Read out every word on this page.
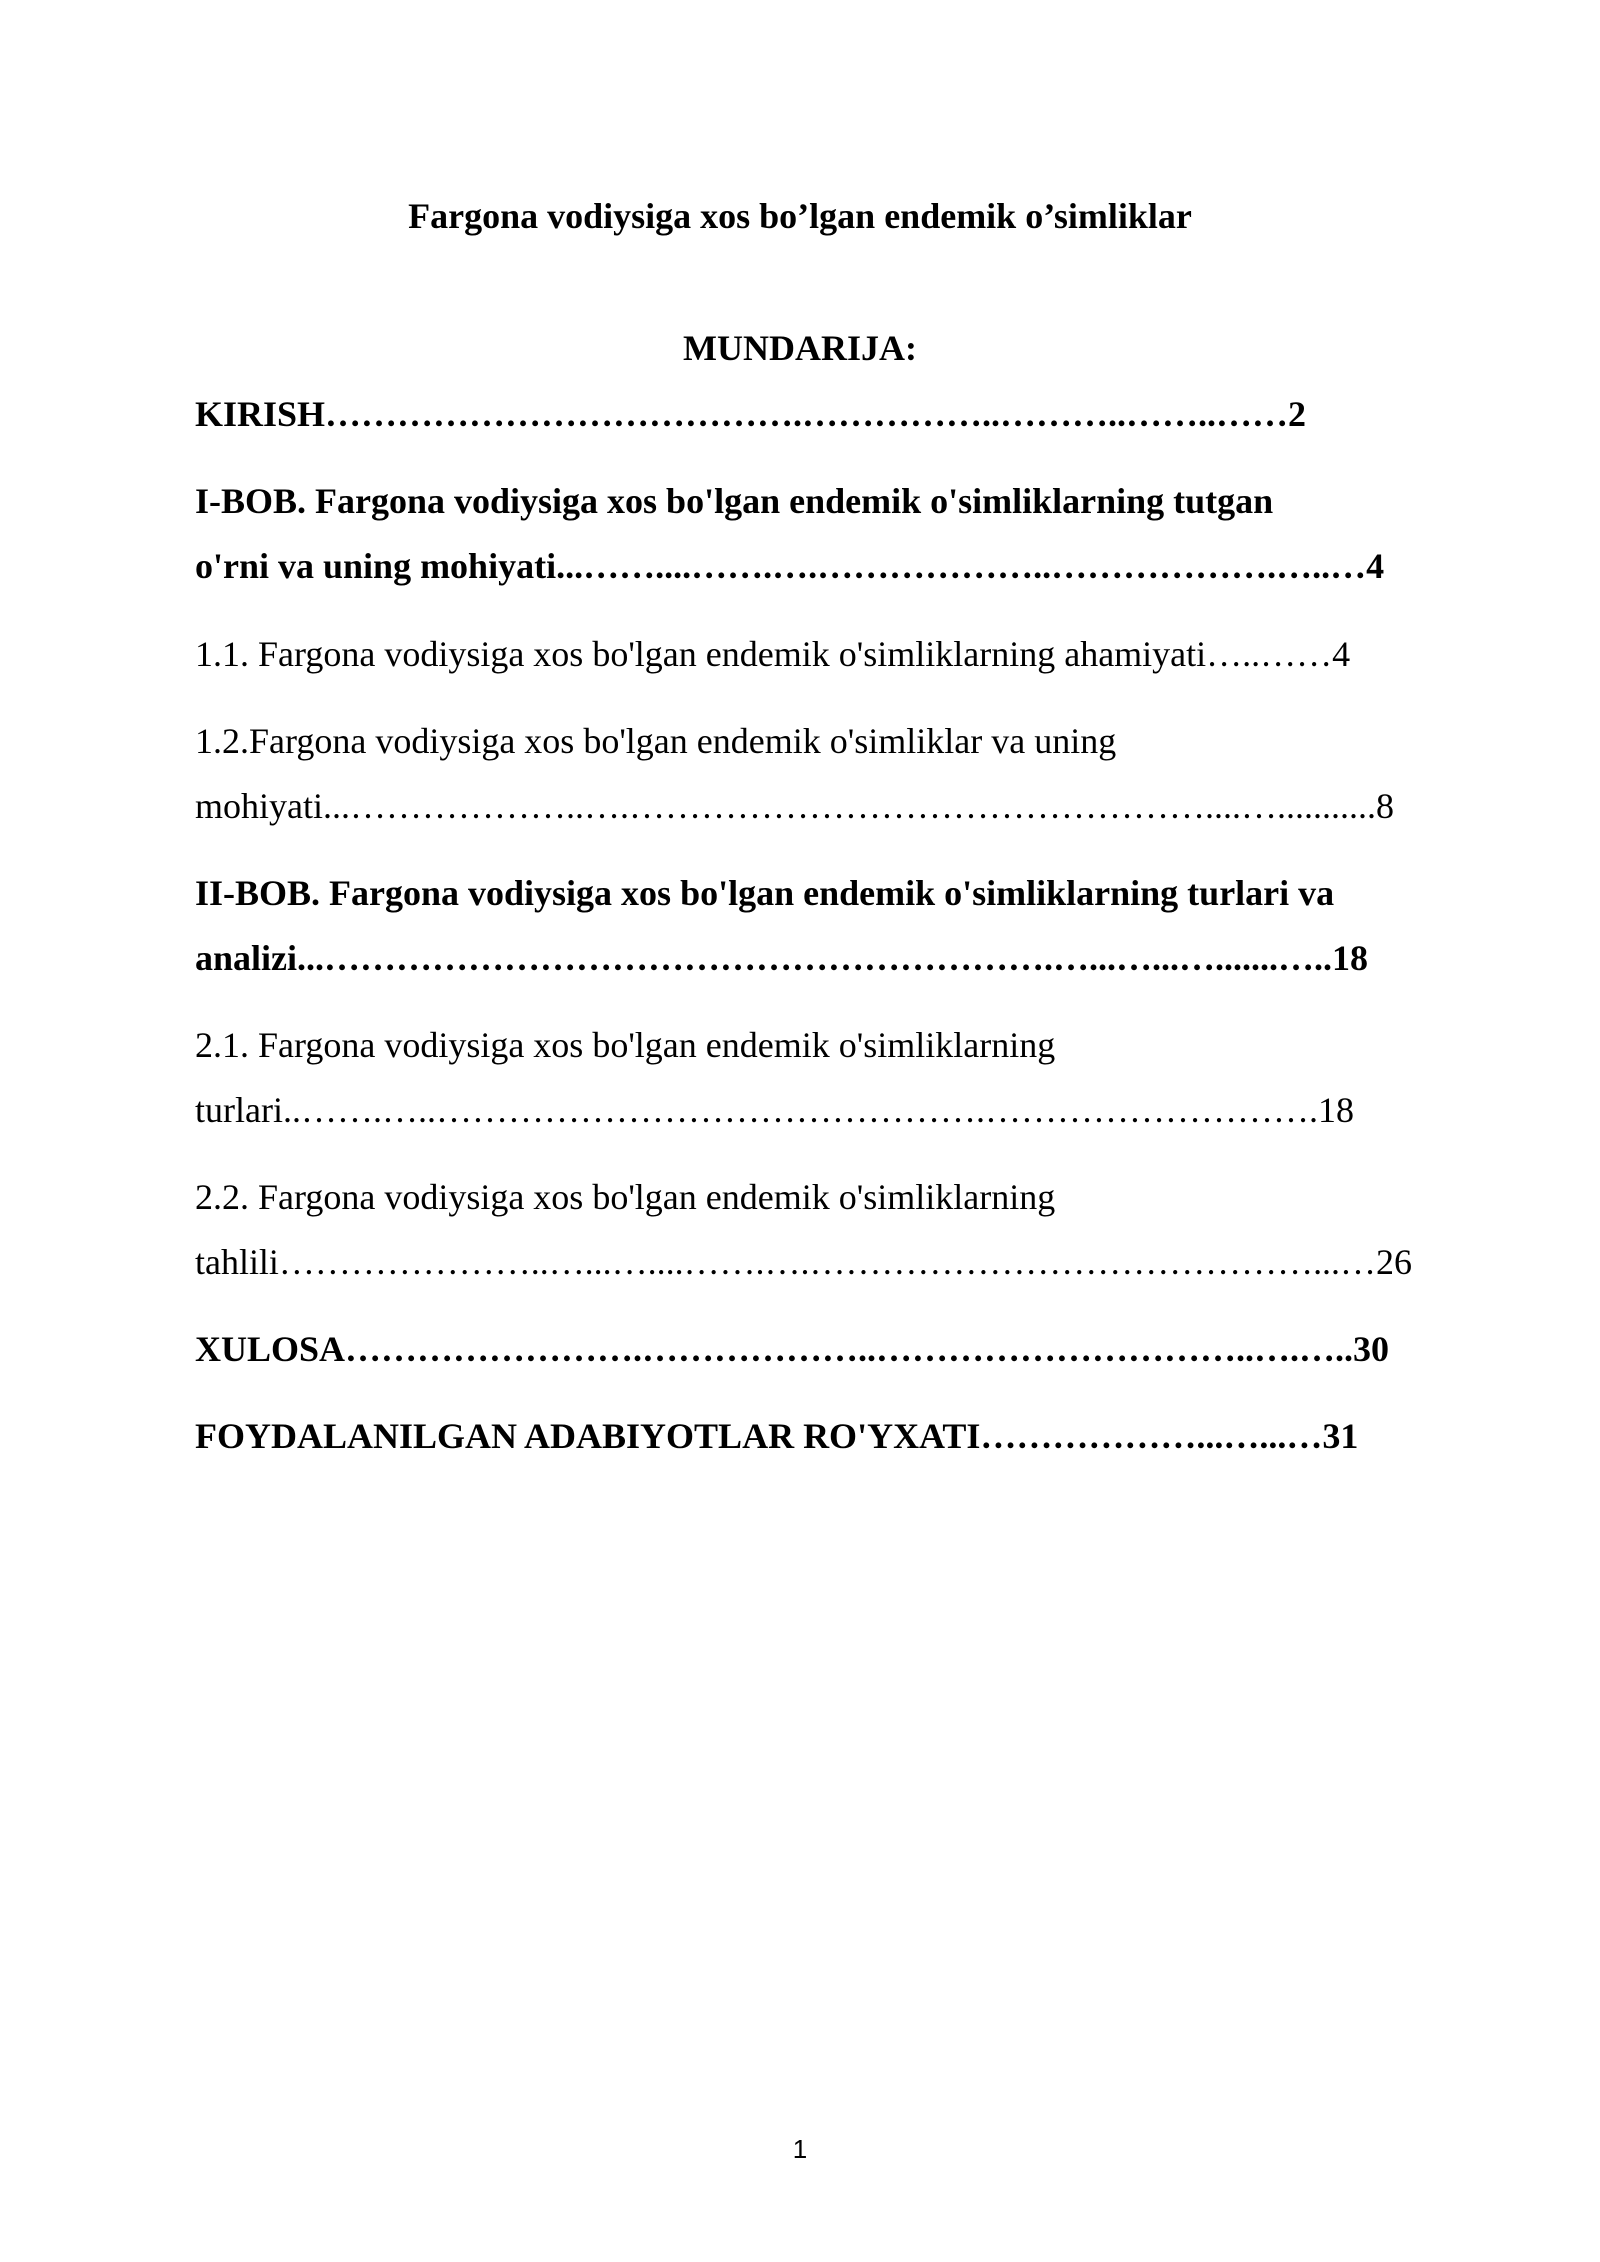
Fargona vodiysiga xos bo’lgan endemik o’simliklar
MUNDARIJA:
KIRISH………………………………….……………..………..……..……2
I-BOB. Fargona vodiysiga xos bo'lgan endemik o'simliklarning tutgan
o'rni va uning mohiyati...……....…….….………………..……………….…..…4
1.1. Fargona vodiysiga xos bo'lgan endemik o'simliklarning ahamiyati…..……4
1.2.Fargona vodiysiga xos bo'lgan endemik o'simliklar va uning
mohiyati...………………..….…………………………………………....…...........8
II-BOB. Fargona vodiysiga xos bo'lgan endemik o'simliklarning turlari va
analizi...…………………………………………………….…...…...….......…..18
2.1. Fargona vodiysiga xos bo'lgan endemik o'simliklarning
turlari..…….…..……………………………………….……………………….18
2.2. Fargona vodiysiga xos bo'lgan endemik o'simliklarning
tahlili…………………..…...…....…….….……………………………………...…26
XULOSA…………………….………………..…………………………..….…..30
FOYDALANILGAN ADABIYOTLAR RO'YXATI………………...…...…31
1
